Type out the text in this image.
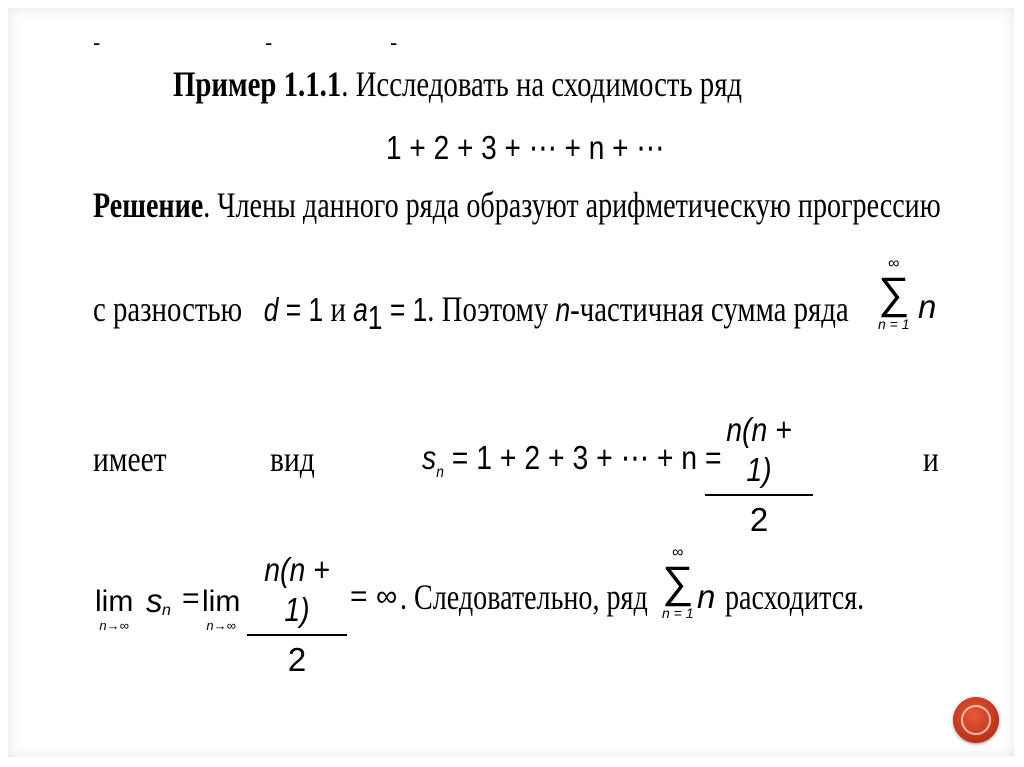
-	-	-
Пример 1.1.1. Исследовать на сходимость ряд
1 + 2 + 3 + ⋯ + n + ⋯
Решение. Члены данного ряда образуют арифметическую прогрессию
с разностью d = 1 и a1 = 1. Поэтому n-частичная сумма ряда
∞
∑
n = 1 n
имеет	вид	$s_n = 1 + 2 + 3$ + ⋯ + n =
n(n + 1)
2
и
lim
n→∞
s n = lim
n→∞
n(n + 1)
2
= ∞ . Следовательно, ряд
∞
∑
n = 1 n расходится.
